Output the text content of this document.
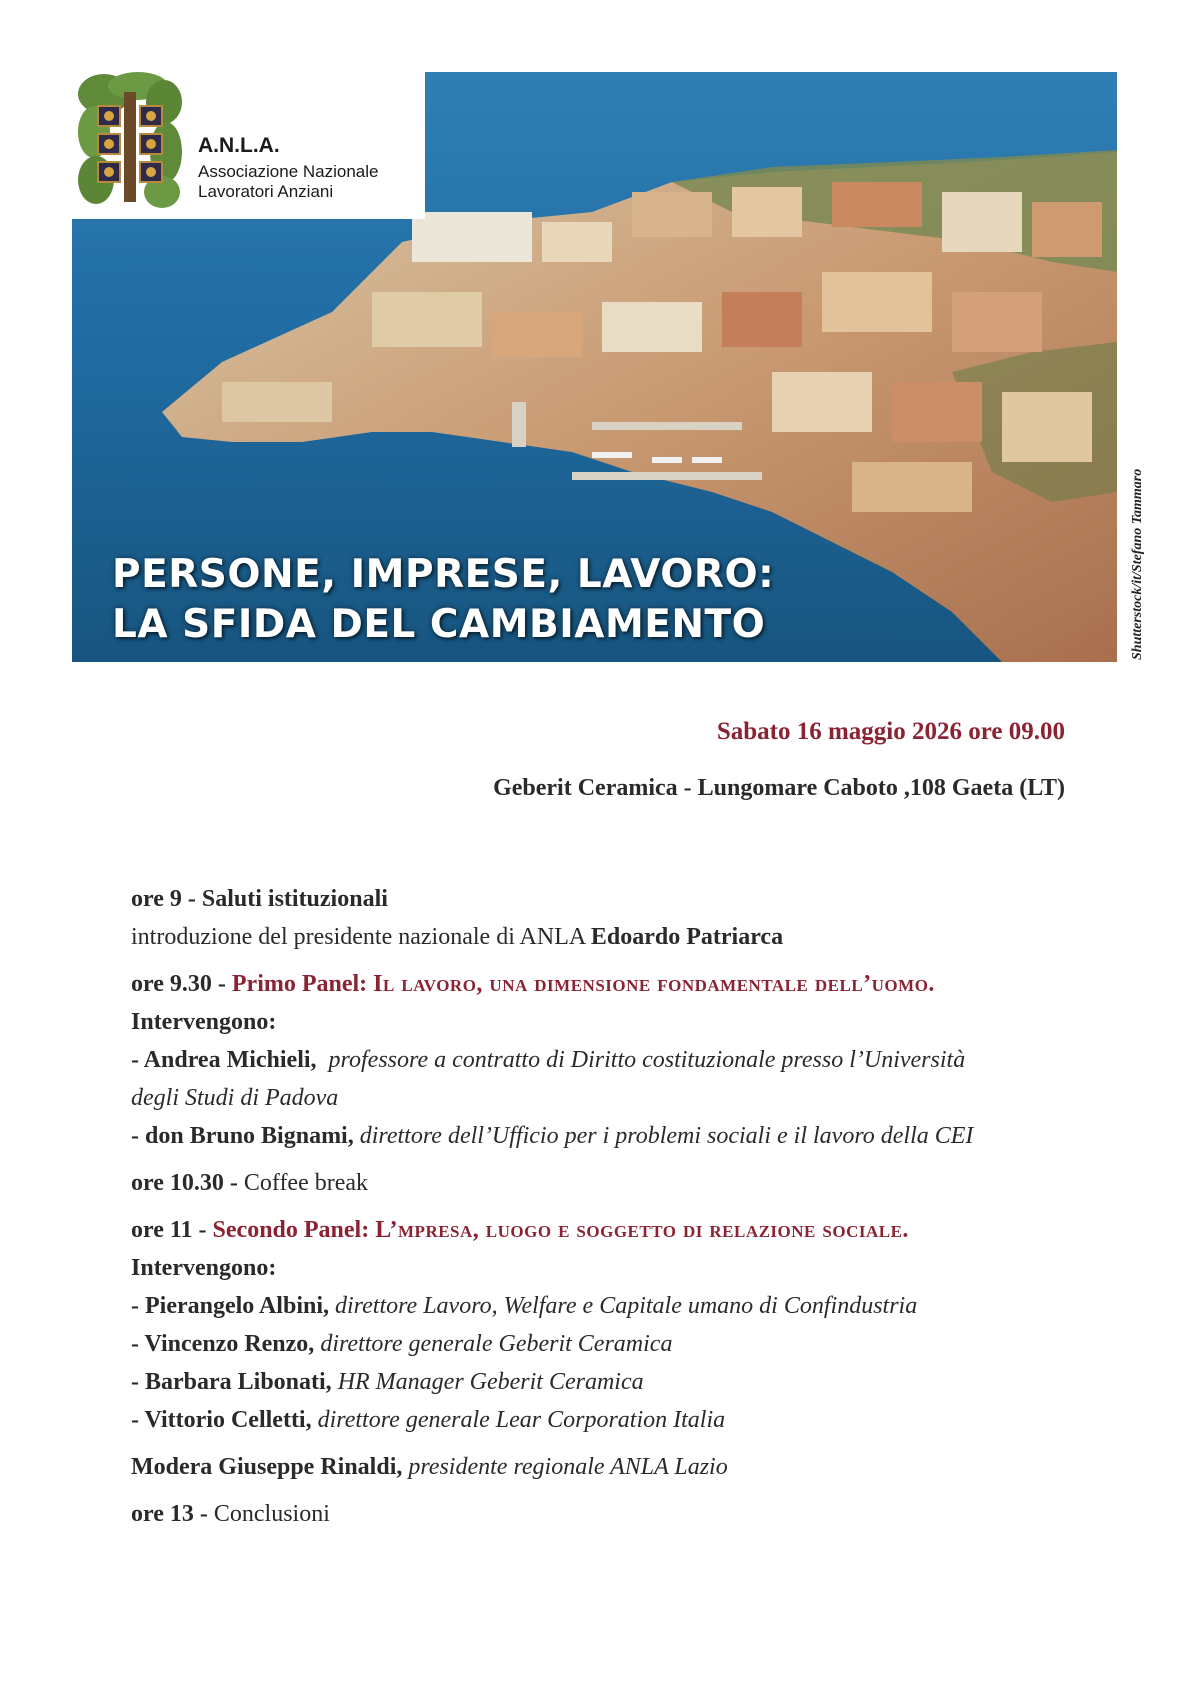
PERSONE, IMPRESE, LAVORO:
LA SFIDA DEL CAMBIAMENTO
A.N.L.A.
Associazione Nazionale
Lavoratori Anziani
Shutterstock/it/Stefano Tammaro
Sabato 16 maggio 2026 ore 09.00
Geberit Ceramica - Lungomare Caboto ,108 Gaeta (LT)
ore 9 - Saluti istituzionali
introduzione del presidente nazionale di ANLA Edoardo Patriarca
ore 9.30 - Primo Panel: Il lavoro, una dimensione fondamentale dell’uomo.
Intervengono:
- Andrea Michieli, professore a contratto di Diritto costituzionale presso l’Università
degli Studi di Padova
- don Bruno Bignami, direttore dell’Ufficio per i problemi sociali e il lavoro della CEI
ore 10.30 - Coffee break
ore 11 - Secondo Panel: L’mpresa, luogo e soggetto di relazione sociale.
Intervengono:
- Pierangelo Albini, direttore Lavoro, Welfare e Capitale umano di Confindustria
- Vincenzo Renzo, direttore generale Geberit Ceramica
- Barbara Libonati, HR Manager Geberit Ceramica
- Vittorio Celletti, direttore generale Lear Corporation Italia
Modera Giuseppe Rinaldi, presidente regionale ANLA Lazio
ore 13 - Conclusioni
